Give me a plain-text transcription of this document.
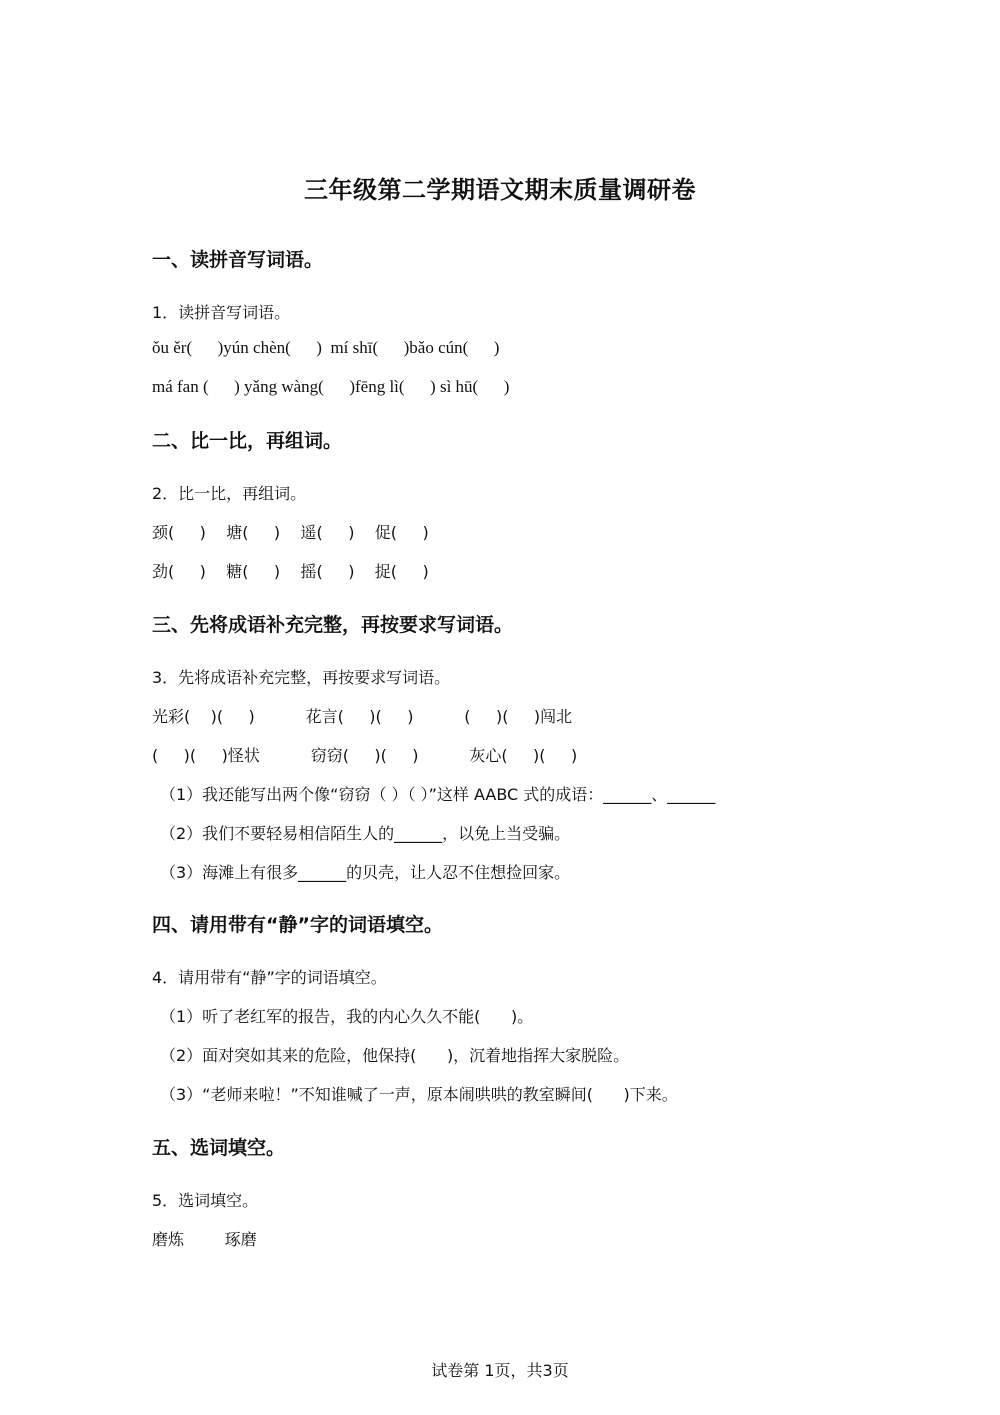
三年级第二学期语文期末质量调研卷
一、读拼音写词语。
1．读拼音写词语。
ǒu ěr(      )yún chèn(      )  mí shī(      )bǎo cún(      )
má fan (      ) yǎng wàng(      )fēng lì(      ) sì hū(      )
二、比一比，再组词。
2．比一比，再组词。
颈(     )    塘(     )    遥(     )    促(     )
劲(     )    糖(     )    摇(     )    捉(     )
三、先将成语补充完整，再按要求写词语。
3．先将成语补充完整，再按要求写词语。
光彩(    )(     )          花言(     )(     )          (     )(     )闯北
(     )(     )怪状          窃窃(     )(     )          灰心(     )(     )
（1）我还能写出两个像“窃窃（ ）（ ）”这样 AABC 式的成语：______、______
（2）我们不要轻易相信陌生人的______，以免上当受骗。
（3）海滩上有很多______的贝壳，让人忍不住想捡回家。
四、请用带有“静”字的词语填空。
4．请用带有“静”字的词语填空。
（1）听了老红军的报告，我的内心久久不能(      )。
（2）面对突如其来的危险，他保持(      )，沉着地指挥大家脱险。
（3）“老师来啦！”不知谁喊了一声，原本闹哄哄的教室瞬间(      )下来。
五、选词填空。
5．选词填空。
磨炼        琢磨
试卷第 1页，共3页
